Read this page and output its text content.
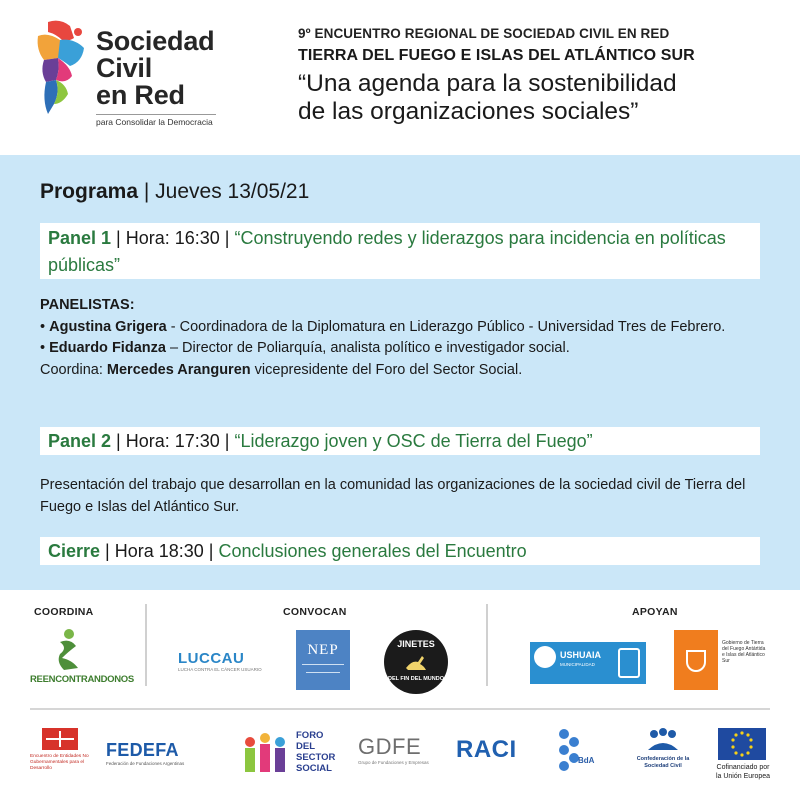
Sociedad
Civil
en Red
para Consolidar la Democracia
9º ENCUENTRO REGIONAL DE SOCIEDAD CIVIL EN RED
TIERRA DEL FUEGO E ISLAS DEL ATLÁNTICO SUR
“Una agenda para la sostenibilidad
de las organizaciones sociales”
Programa | Jueves 13/05/21
Panel 1 | Hora: 16:30 | “Construyendo redes y liderazgos para incidencia en políticas públicas”
PANELISTAS:
• Agustina Grigera - Coordinadora de la Diplomatura en Liderazgo Público - Universidad Tres de Febrero.
• Eduardo Fidanza – Director de Poliarquía, analista político e investigador social.
Coordina: Mercedes Aranguren vicepresidente del Foro del Sector Social.
Panel 2 | Hora: 17:30 | “Liderazgo joven y OSC de Tierra del Fuego”
Presentación del trabajo que desarrollan en la comunidad las organizaciones de la sociedad civil de Tierra del Fuego e Islas del Atlántico Sur.
Cierre | Hora 18:30 | Conclusiones generales del Encuentro
COORDINA	CONVOCAN	APOYAN
REENCONTRANDONOS
LUCCAU
LUCHA CONTRA EL CÁNCER USUARIO
NEP	JINETES
DEL FIN DEL MUNDO
USHUAIA
MUNICIPALIDAD
Gobierno de Tierra del Fuego Antártida e Islas del Atlántico Sur
Encuentro de Entidades No Gubernamentales para el Desarrollo
FEDEFA
Federación de Fundaciones Argentinas
FORO
DEL SECTOR
SOCIAL
GDFE
Grupo de Fundaciones y Empresas RACI	BdA	Confederación de la
Sociedad Civil	Cofinanciado por
la Unión Europea
